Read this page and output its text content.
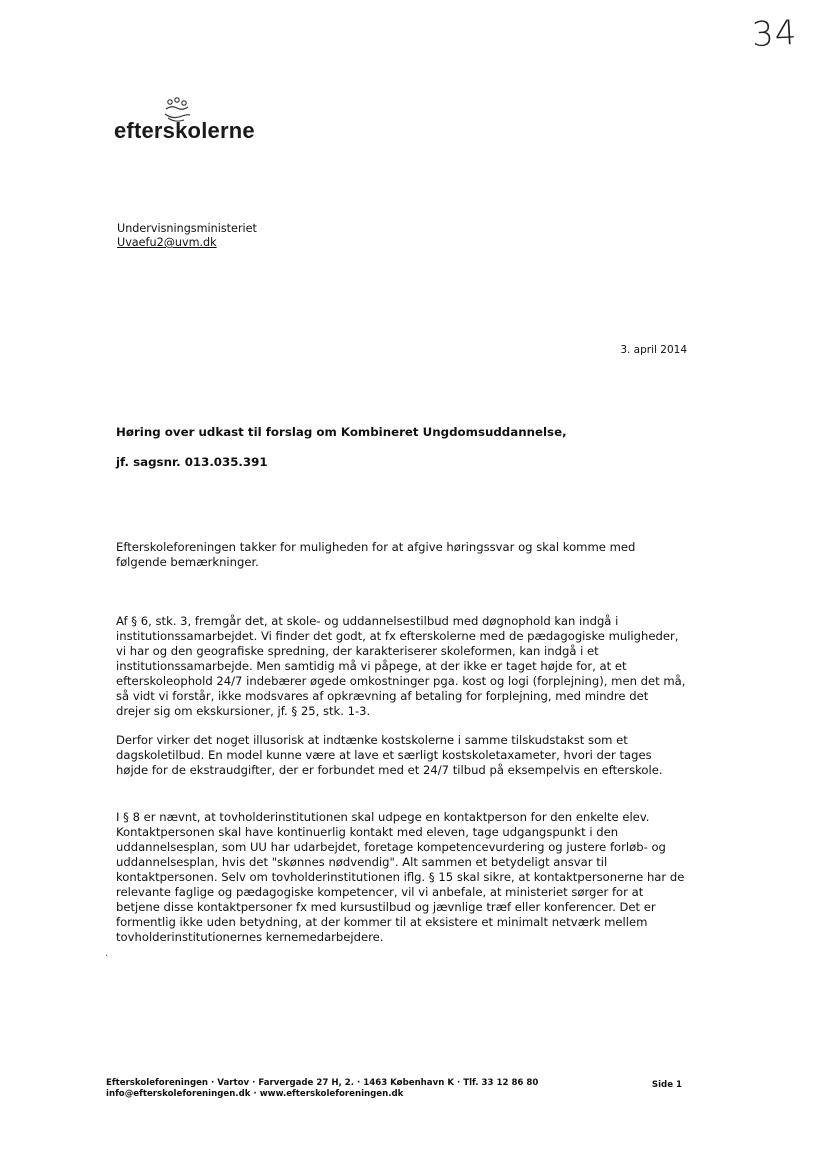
34
efterskolerne
Undervisningsministeriet
Uvaefu2@uvm.dk
3. april 2014
Høring over udkast til forslag om Kombineret Ungdomsuddannelse,
jf. sagsnr. 013.035.391
Efterskoleforeningen takker for muligheden for at afgive høringssvar og skal komme med følgende bemærkninger.
Af § 6, stk. 3, fremgår det, at skole- og uddannelsestilbud med døgnophold kan indgå i institutionssamarbejdet. Vi finder det godt, at fx efterskolerne med de pædagogiske muligheder, vi har og den geografiske spredning, der karakteriserer skoleformen, kan indgå i et institutionssamarbejde. Men samtidig må vi påpege, at der ikke er taget højde for, at et efterskoleophold 24/7 indebærer øgede omkostninger pga. kost og logi (forplejning), men det må, så vidt vi forstår, ikke modsvares af opkrævning af betaling for forplejning, med mindre det drejer sig om ekskursioner, jf. § 25, stk. 1-3.
Derfor virker det noget illusorisk at indtænke kostskolerne i samme tilskudstakst som et dagskoletilbud. En model kunne være at lave et særligt kostskoletaxameter, hvori der tages højde for de ekstraudgifter, der er forbundet med et 24/7 tilbud på eksempelvis en efterskole.
I § 8 er nævnt, at tovholderinstitutionen skal udpege en kontaktperson for den enkelte elev. Kontaktpersonen skal have kontinuerlig kontakt med eleven, tage udgangspunkt i den uddannelsesplan, som UU har udarbejdet, foretage kompetencevurdering og justere forløb- og uddannelsesplan, hvis det "skønnes nødvendig". Alt sammen et betydeligt ansvar til kontaktpersonen. Selv om tovholderinstitutionen iflg. § 15 skal sikre, at kontaktpersonerne har de relevante faglige og pædagogiske kompetencer, vil vi anbefale, at ministeriet sørger for at betjene disse kontaktpersoner fx med kursustilbud og jævnlige træf eller konferencer. Det er formentlig ikke uden betydning, at der kommer til at eksistere et minimalt netværk mellem tovholderinstitutionernes kernemedarbejdere.
.
Efterskoleforeningen · Vartov · Farvergade 27 H, 2. · 1463 København K · Tlf. 33 12 86 80
info@efterskoleforeningen.dk · www.efterskoleforeningen.dk
Side 1
